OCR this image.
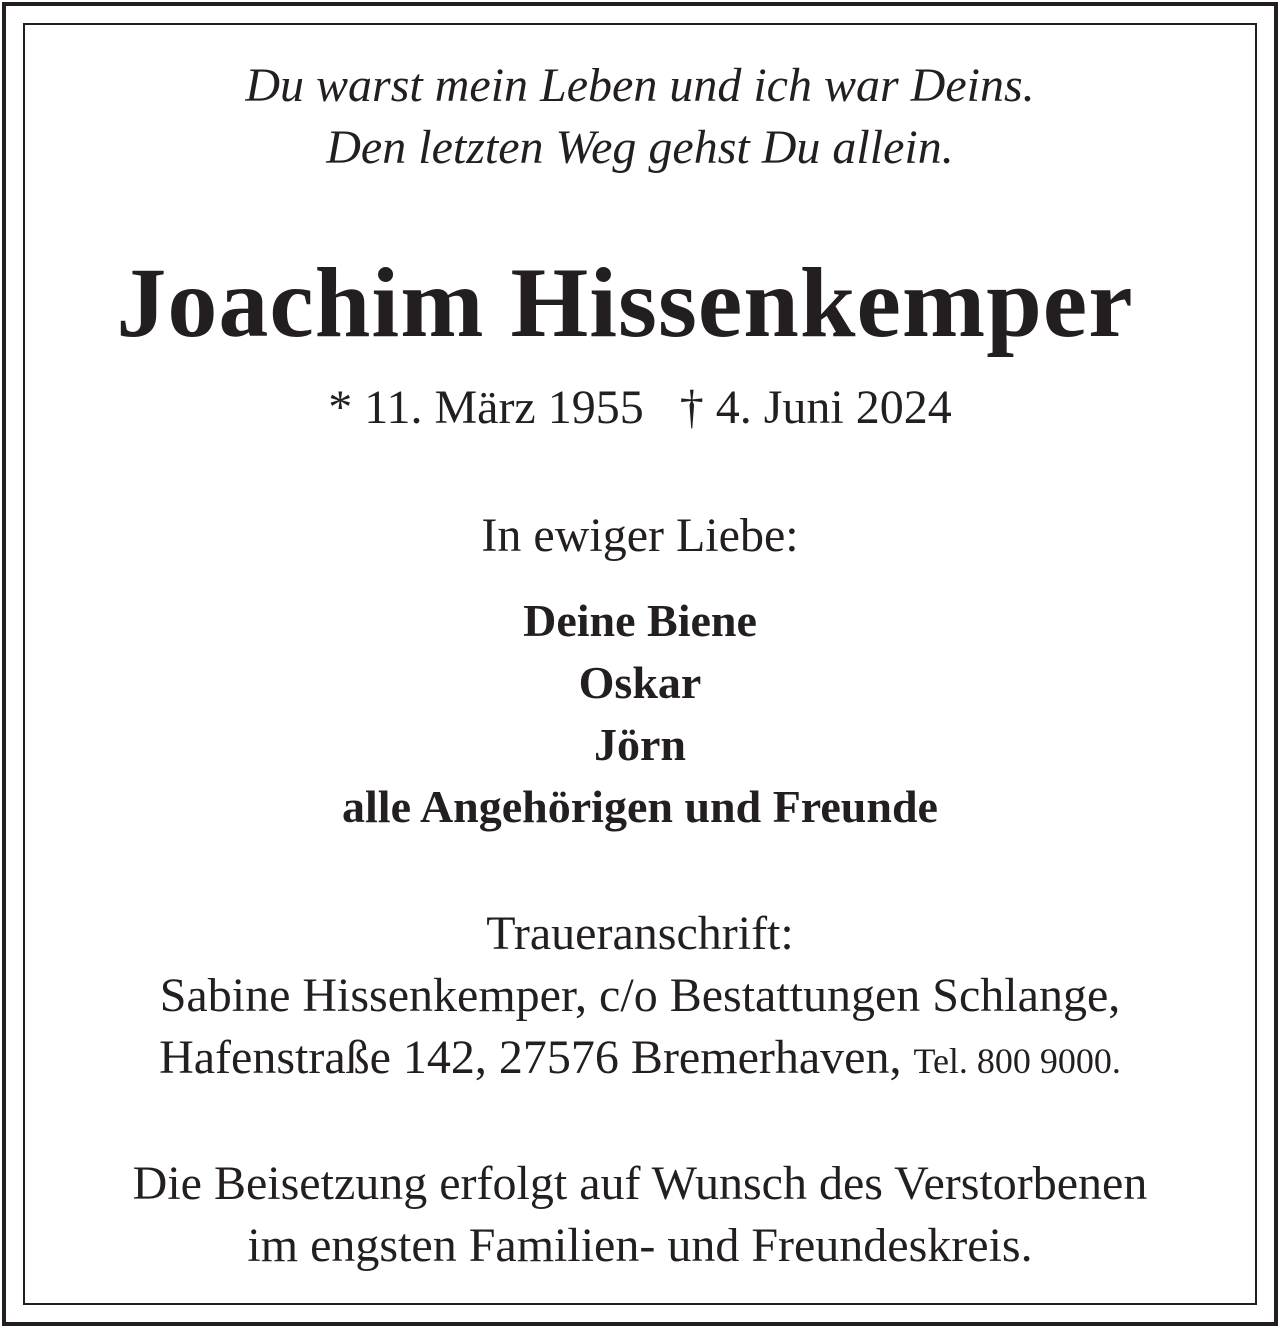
Du warst mein Leben und ich war Deins.
Den letzten Weg gehst Du allein.
Joachim Hissenkemper
* 11. März 1955 † 4. Juni 2024
In ewiger Liebe:
Deine Biene
Oskar
Jörn
alle Angehörigen und Freunde
Traueranschrift:
Sabine Hissenkemper, c/o Bestattungen Schlange,
Hafenstraße 142, 27576 Bremerhaven, Tel. 800 9000.
Die Beisetzung erfolgt auf Wunsch des Verstorbenen
im engsten Familien- und Freundeskreis.
